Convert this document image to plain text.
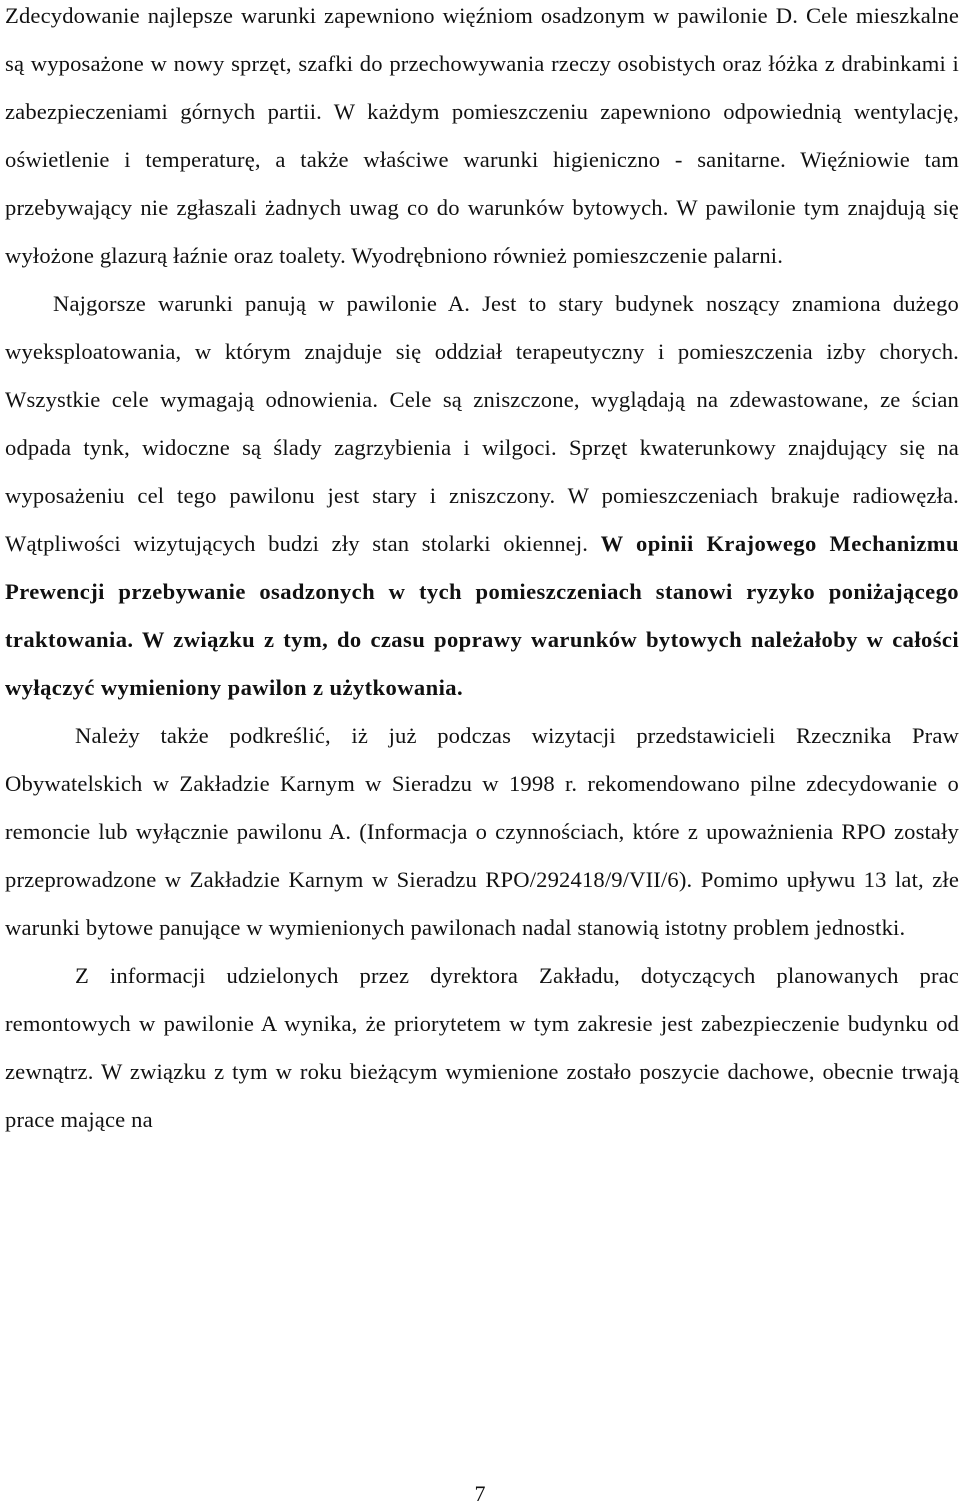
Zdecydowanie najlepsze warunki zapewniono więźniom osadzonym w pawilonie D. Cele mieszkalne są wyposażone w nowy sprzęt, szafki do przechowywania rzeczy osobistych oraz łóżka z drabinkami i zabezpieczeniami górnych partii. W każdym pomieszczeniu zapewniono odpowiednią wentylację, oświetlenie i temperaturę, a także właściwe warunki higieniczno - sanitarne. Więźniowie tam przebywający nie zgłaszali żadnych uwag co do warunków bytowych. W pawilonie tym znajdują się wyłożone glazurą łaźnie oraz toalety. Wyodrębniono również pomieszczenie palarni.

Najgorsze warunki panują w pawilonie A. Jest to stary budynek noszący znamiona dużego wyeksploatowania, w którym znajduje się oddział terapeutyczny i pomieszczenia izby chorych. Wszystkie cele wymagają odnowienia. Cele są zniszczone, wyglądają na zdewastowane, ze ścian odpada tynk, widoczne są ślady zagrzybienia i wilgoci. Sprzęt kwaterunkowy znajdujący się na wyposażeniu cel tego pawilonu jest stary i zniszczony. W pomieszczeniach brakuje radiowęzła. Wątpliwości wizytujących budzi zły stan stolarki okiennej. W opinii Krajowego Mechanizmu Prewencji przebywanie osadzonych w tych pomieszczeniach stanowi ryzyko poniżającego traktowania. W związku z tym, do czasu poprawy warunków bytowych należałoby w całości wyłączyć wymieniony pawilon z użytkowania.

Należy także podkreślić, iż już podczas wizytacji przedstawicieli Rzecznika Praw Obywatelskich w Zakładzie Karnym w Sieradzu w 1998 r. rekomendowano pilne zdecydowanie o remoncie lub wyłącznie pawilonu A. (Informacja o czynnościach, które z upoważnienia RPO zostały przeprowadzone w Zakładzie Karnym w Sieradzu RPO/292418/9/VII/6). Pomimo upływu 13 lat, złe warunki bytowe panujące w wymienionych pawilonach nadal stanowią istotny problem jednostki.

Z informacji udzielonych przez dyrektora Zakładu, dotyczących planowanych prac remontowych w pawilonie A wynika, że priorytetem w tym zakresie jest zabezpieczenie budynku od zewnątrz. W związku z tym w roku bieżącym wymienione zostało poszycie dachowe, obecnie trwają prace mające na

7
